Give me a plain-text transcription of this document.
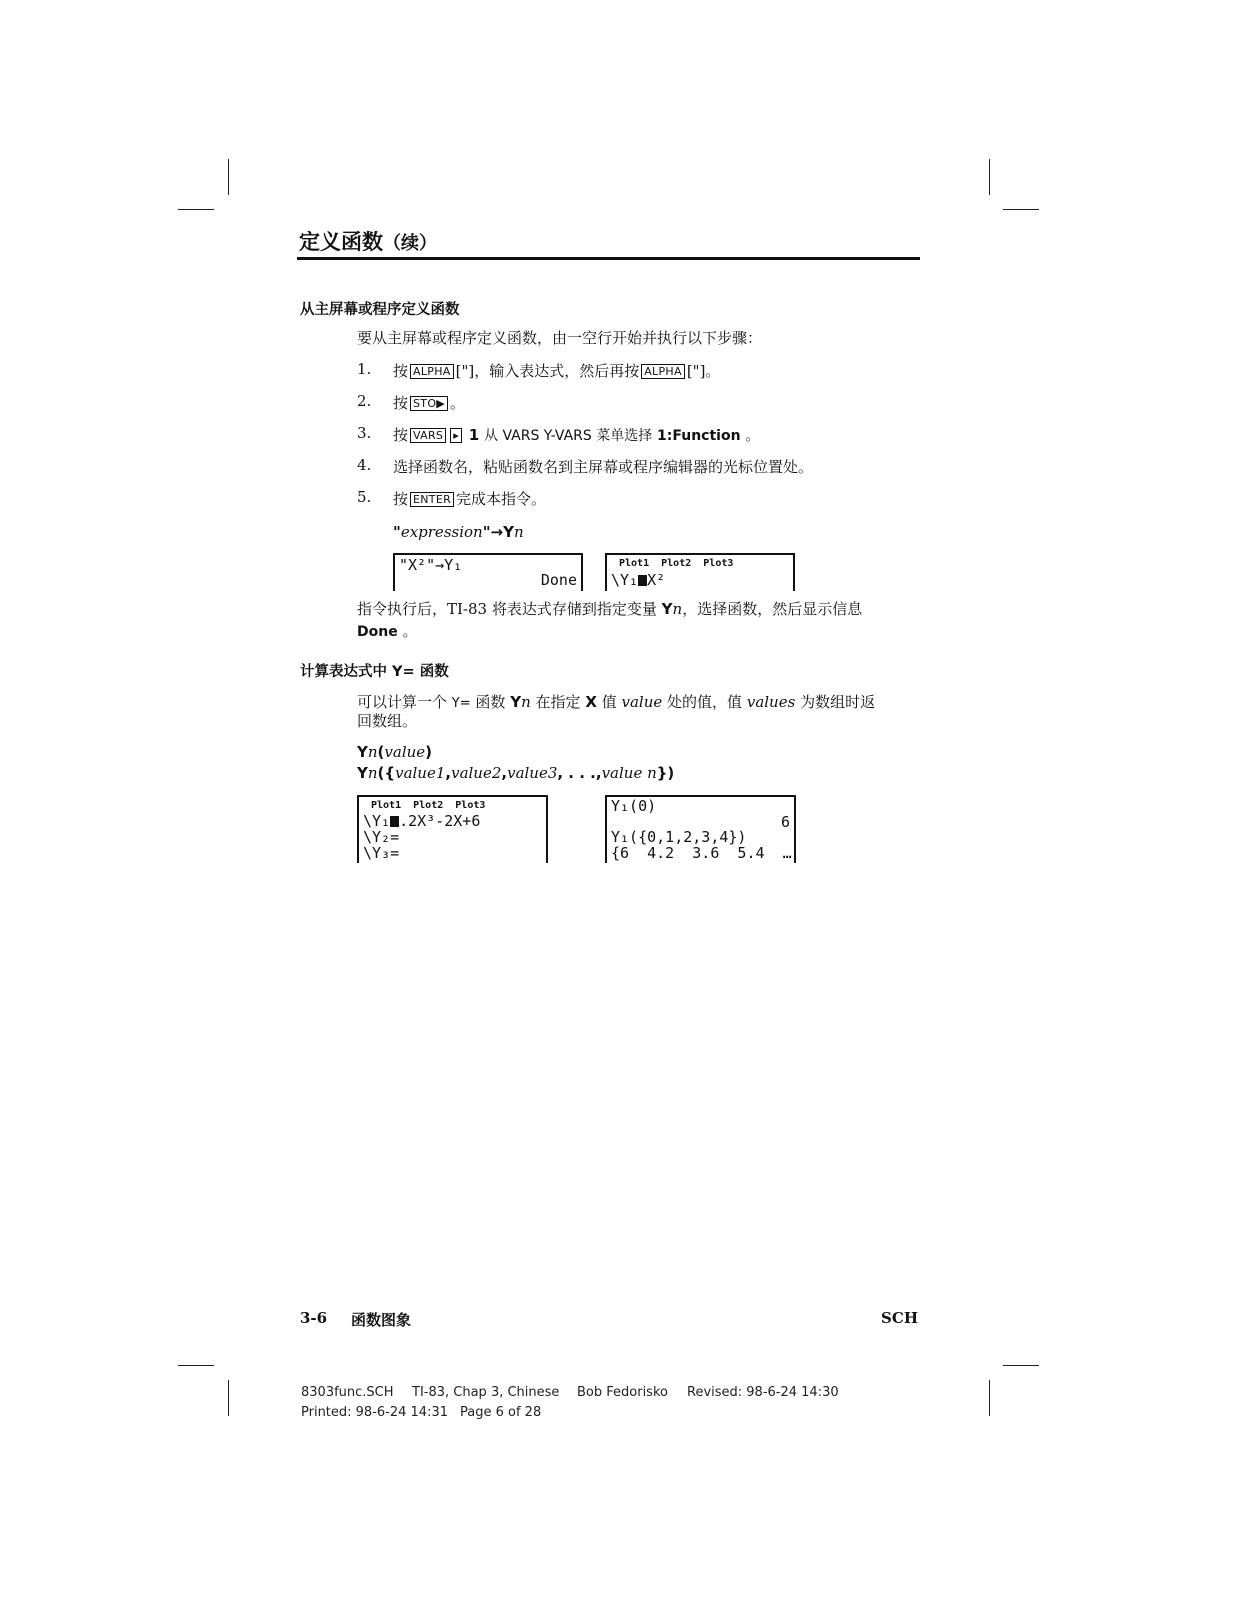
定义函数（续）
从主屏幕或程序定义函数
要从主屏幕或程序定义函数，由一空行开始并执行以下步骤：
1. 按 ALPHA ["]，输入表达式，然后再按 ALPHA ["]。
2. 按 STO▶ 。
3. 按 VARS ▸ 1 从 VARS Y-VARS 菜单选择 1:Function 。
4. 选择函数名，粘贴函数名到主屏幕或程序编辑器的光标位置处。
5. 按 ENTER 完成本指令。
"expression"→Yn
"X²"→Y₁
Done
Plot1  Plot2  Plot3
\Y₁ X²
指令执行后，TI-83 将表达式存储到指定变量 Yn，选择函数，然后显示信息
Done 。
计算表达式中 Y= 函数
可以计算一个 Y= 函数 Yn 在指定 X 值 value 处的值，值 values 为数组时返
回数组。
Yn(value)
Yn({value1,value2,value3, . . .,value n})
Plot1  Plot2  Plot3
\Y₁ .2X³-2X+6
\Y₂=
\Y₃=
Y₁(0)
6
Y₁({0,1,2,3,4})
{6  4.2  3.6  5.4  …
3-6 函数图象	SCH
8303func.SCH TI-83, Chap 3, Chinese Bob Fedorisko Revised: 98-6-24 14:30
Printed: 98-6-24 14:31 Page 6 of 28
